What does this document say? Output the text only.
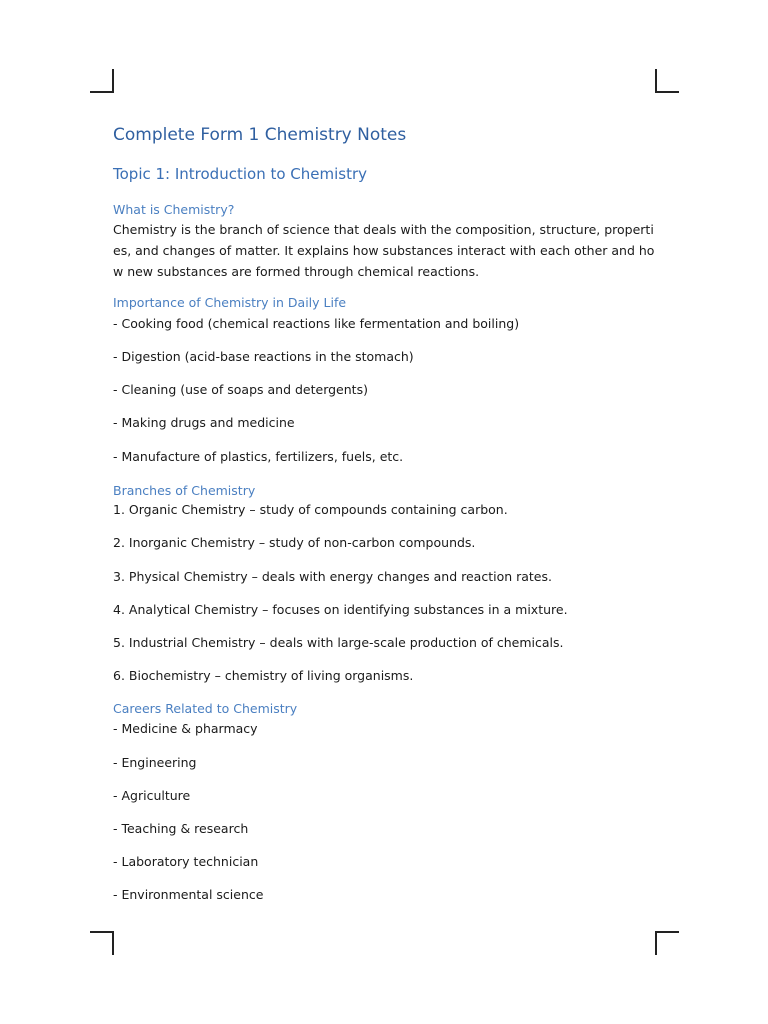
Complete Form 1 Chemistry Notes
Topic 1: Introduction to Chemistry
What is Chemistry?

Chemistry is the branch of science that deals with the composition, structure, properties, and changes of matter. It explains how substances interact with each other and how new substances are formed through chemical reactions.

Importance of Chemistry in Daily Life

- Cooking food (chemical reactions like fermentation and boiling)

- Digestion (acid-base reactions in the stomach)

- Cleaning (use of soaps and detergents)

- Making drugs and medicine

- Manufacture of plastics, fertilizers, fuels, etc.

Branches of Chemistry

1. Organic Chemistry – study of compounds containing carbon.

2. Inorganic Chemistry – study of non-carbon compounds.

3. Physical Chemistry – deals with energy changes and reaction rates.

4. Analytical Chemistry – focuses on identifying substances in a mixture.

5. Industrial Chemistry – deals with large-scale production of chemicals.

6. Biochemistry – chemistry of living organisms.

Careers Related to Chemistry

- Medicine & pharmacy

- Engineering

- Agriculture

- Teaching & research

- Laboratory technician

- Environmental science
